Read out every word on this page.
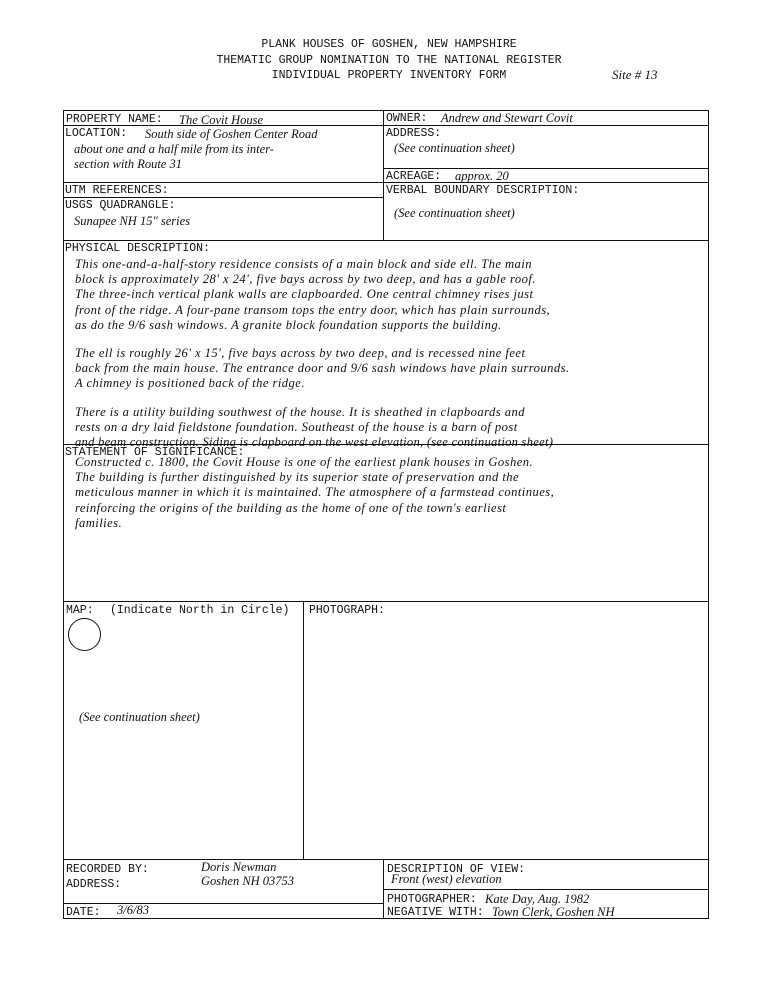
PLANK HOUSES OF GOSHEN, NEW HAMPSHIRE
THEMATIC GROUP NOMINATION TO THE NATIONAL REGISTER
INDIVIDUAL PROPERTY INVENTORY FORM	Site # 13
PROPERTY NAME: The Covit House	OWNER: Andrew and Stewart Covit
LOCATION: South side of Goshen Center Road
about one and a half mile from its inter-
section with Route 31
ADDRESS:
(See continuation sheet)
ACREAGE: approx. 20
UTM REFERENCES:	VERBAL BOUNDARY DESCRIPTION:
(See continuation sheet)
USGS QUADRANGLE:
Sunapee NH 15" series
PHYSICAL DESCRIPTION:
This one-and-a-half-story residence consists of a main block and side ell. The main
block is approximately 28' x 24', five bays across by two deep, and has a gable roof.
The three-inch vertical plank walls are clapboarded. One central chimney rises just
front of the ridge. A four-pane transom tops the entry door, which has plain surrounds,
as do the 9/6 sash windows. A granite block foundation supports the building.
The ell is roughly 26' x 15', five bays across by two deep, and is recessed nine feet
back from the main house. The entrance door and 9/6 sash windows have plain surrounds.
A chimney is positioned back of the ridge.
There is a utility building southwest of the house. It is sheathed in clapboards and
rests on a dry laid fieldstone foundation. Southeast of the house is a barn of post
and beam construction. Siding is clapboard on the west elevation, (see continuation sheet)
STATEMENT OF SIGNIFICANCE:
Constructed c. 1800, the Covit House is one of the earliest plank houses in Goshen.
The building is further distinguished by its superior state of preservation and the
meticulous manner in which it is maintained. The atmosphere of a farmstead continues,
reinforcing the origins of the building as the home of one of the town's earliest
families.
MAP: (Indicate North in Circle)
(See continuation sheet)
PHOTOGRAPH:
RECORDED BY:	Doris Newman
ADDRESS:	Goshen NH 03753
DATE: 3/6/83
DESCRIPTION OF VIEW:
Front (west) elevation
PHOTOGRAPHER: Kate Day, Aug. 1982
NEGATIVE WITH: Town Clerk, Goshen NH
